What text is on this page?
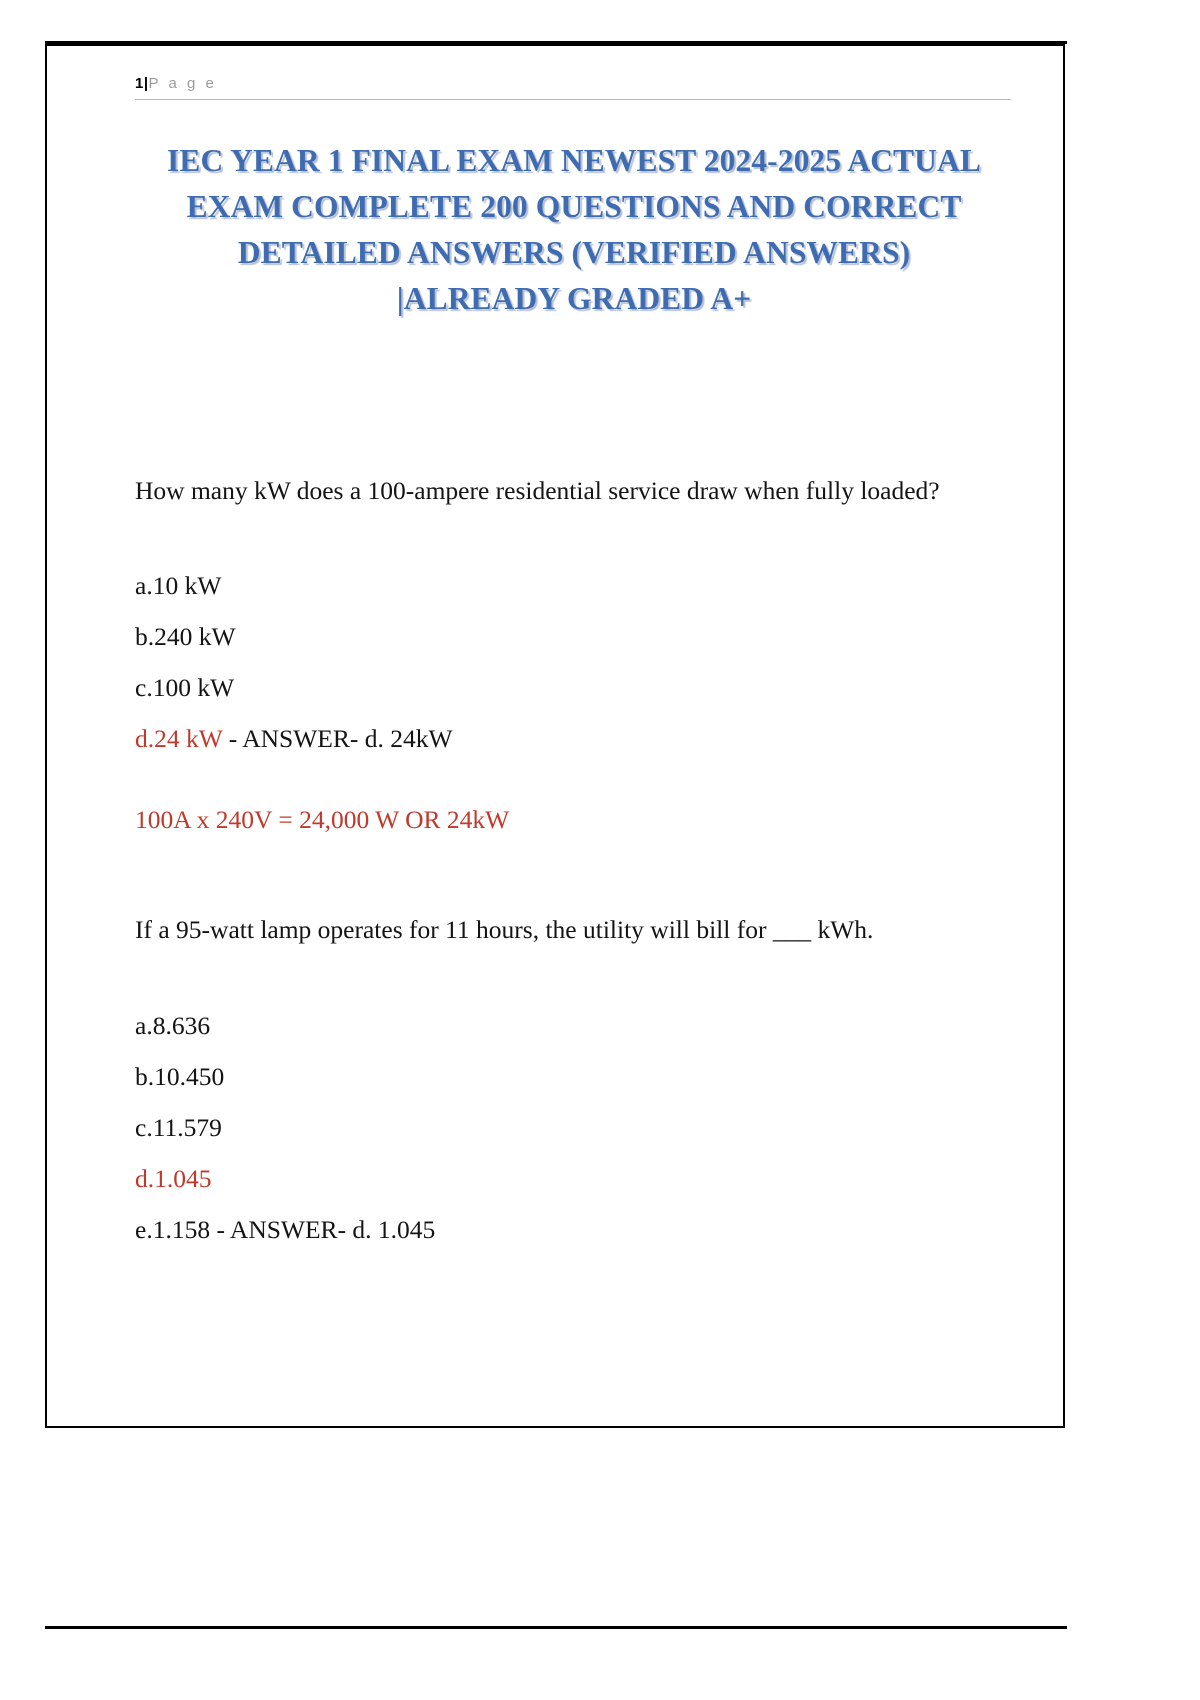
1|P a g e
IEC YEAR 1 FINAL EXAM NEWEST 2024-2025 ACTUAL
EXAM COMPLETE 200 QUESTIONS AND CORRECT
DETAILED ANSWERS (VERIFIED ANSWERS)
|ALREADY GRADED A+

How many kW does a 100-ampere residential service draw when fully loaded?

a.10 kW
b.240 kW
c.100 kW
d.24 kW - ANSWER- d. 24kW

100A x 240V = 24,000 W OR 24kW

If a 95-watt lamp operates for 11 hours, the utility will bill for ___ kWh.

a.8.636
b.10.450
c.11.579
d.1.045
e.1.158 - ANSWER- d. 1.045
